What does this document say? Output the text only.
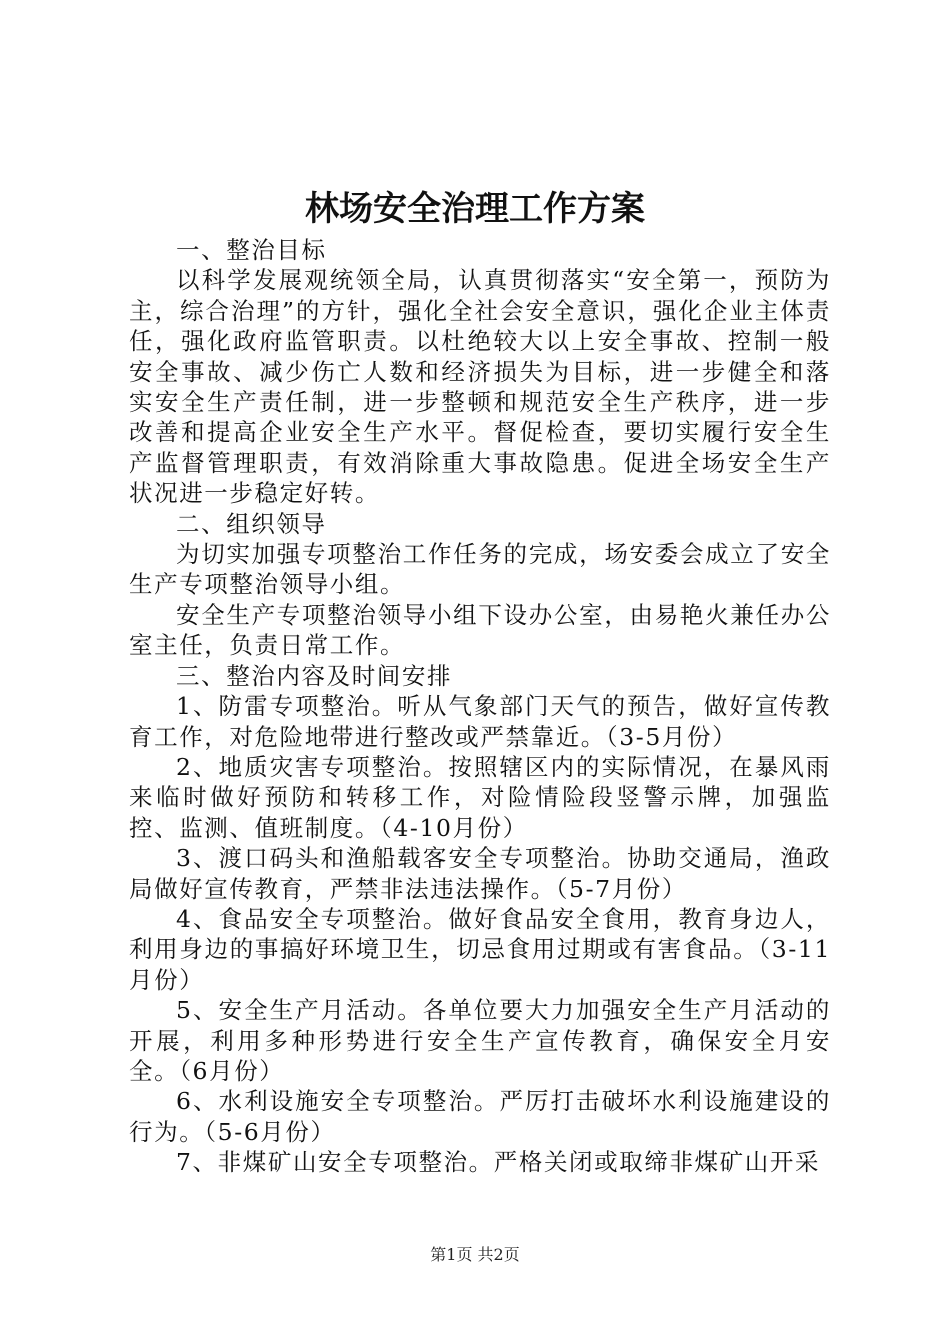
林场安全治理工作方案

一、整治目标

以科学发展观统领全局，认真贯彻落实“安全第一，预防为主，综合治理”的方针，强化全社会安全意识，强化企业主体责任，强化政府监管职责。以杜绝较大以上安全事故、控制一般安全事故、减少伤亡人数和经济损失为目标，进一步健全和落实安全生产责任制，进一步整顿和规范安全生产秩序，进一步改善和提高企业安全生产水平。督促检查，要切实履行安全生产监督管理职责，有效消除重大事故隐患。促进全场安全生产状况进一步稳定好转。

二、组织领导

为切实加强专项整治工作任务的完成，场安委会成立了安全生产专项整治领导小组。

安全生产专项整治领导小组下设办公室，由易艳火兼任办公室主任，负责日常工作。

三、整治内容及时间安排

1、防雷专项整治。听从气象部门天气的预告，做好宣传教育工作，对危险地带进行整改或严禁靠近。（3-5月份）

2、地质灾害专项整治。按照辖区内的实际情况，在暴风雨来临时做好预防和转移工作，对险情险段竖警示牌，加强监控、监测、值班制度。（4-10月份）

3、渡口码头和渔船载客安全专项整治。协助交通局，渔政局做好宣传教育，严禁非法违法操作。（5-7月份）

4、食品安全专项整治。做好食品安全食用，教育身边人，利用身边的事搞好环境卫生，切忌食用过期或有害食品。（3-11月份）

5、安全生产月活动。各单位要大力加强安全生产月活动的开展，利用多种形势进行安全生产宣传教育，确保安全月安全。（6月份）

6、水利设施安全专项整治。严厉打击破坏水利设施建设的行为。（5-6月份）

7、非煤矿山安全专项整治。严格关闭或取缔非煤矿山开采

第1页 共2页
